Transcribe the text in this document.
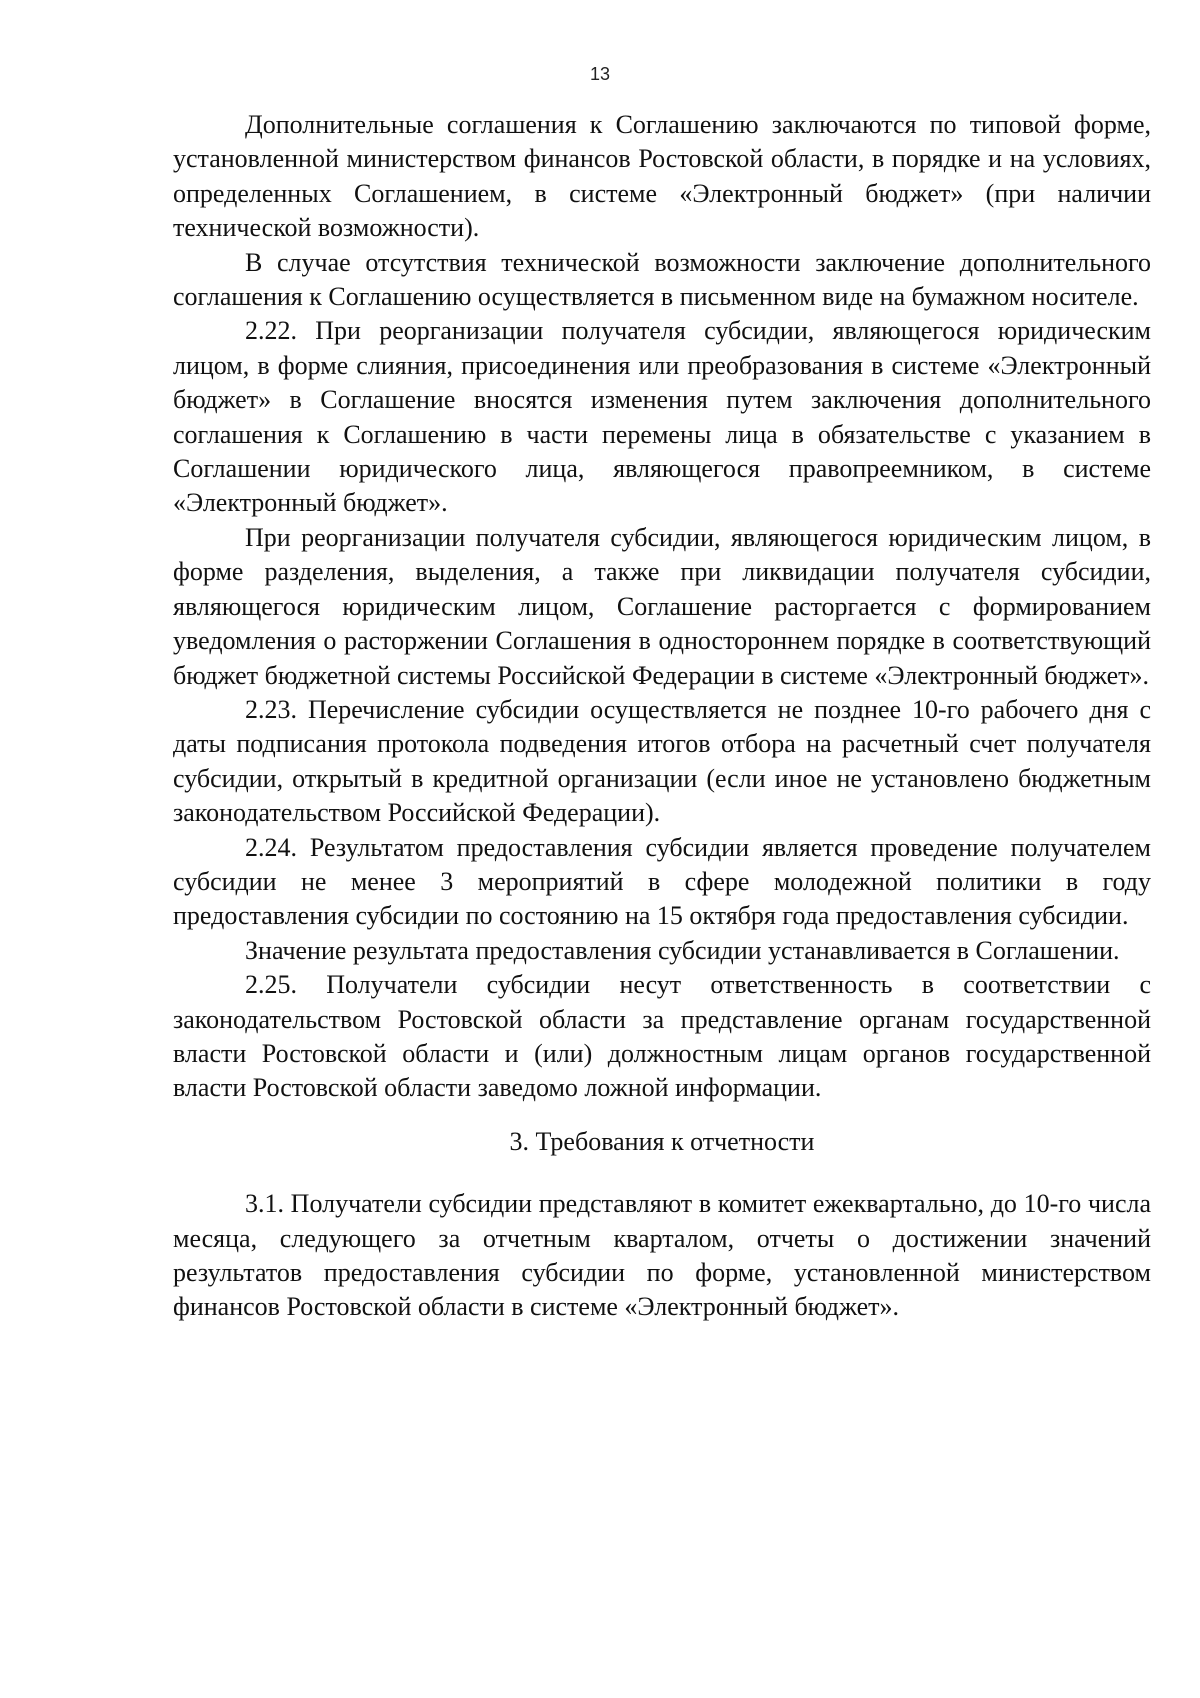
13

Дополнительные соглашения к Соглашению заключаются по типовой форме, установленной министерством финансов Ростовской области, в порядке и на условиях, определенных Соглашением, в системе «Электронный бюджет» (при наличии технической возможности).

В случае отсутствия технической возможности заключение дополнительного соглашения к Соглашению осуществляется в письменном виде на бумажном носителе.

2.22. При реорганизации получателя субсидии, являющегося юридическим лицом, в форме слияния, присоединения или преобразования в системе «Электронный бюджет» в Соглашение вносятся изменения путем заключения дополнительного соглашения к Соглашению в части перемены лица в обязательстве с указанием в Соглашении юридического лица, являющегося правопреемником, в системе «Электронный бюджет».

При реорганизации получателя субсидии, являющегося юридическим лицом, в форме разделения, выделения, а также при ликвидации получателя субсидии, являющегося юридическим лицом, Соглашение расторгается с формированием уведомления о расторжении Соглашения в одностороннем порядке в соответствующий бюджет бюджетной системы Российской Федерации в системе «Электронный бюджет».

2.23. Перечисление субсидии осуществляется не позднее 10-го рабочего дня с даты подписания протокола подведения итогов отбора на расчетный счет получателя субсидии, открытый в кредитной организации (если иное не установлено бюджетным законодательством Российской Федерации).

2.24. Результатом предоставления субсидии является проведение получателем субсидии не менее 3 мероприятий в сфере молодежной политики в году предоставления субсидии по состоянию на 15 октября года предоставления субсидии.

Значение результата предоставления субсидии устанавливается в Соглашении.

2.25. Получатели субсидии несут ответственность в соответствии с законодательством Ростовской области за представление органам государственной власти Ростовской области и (или) должностным лицам органов государственной власти Ростовской области заведомо ложной информации.

3. Требования к отчетности

3.1. Получатели субсидии представляют в комитет ежеквартально, до 10-го числа месяца, следующего за отчетным кварталом, отчеты о достижении значений результатов предоставления субсидии по форме, установленной министерством финансов Ростовской области в системе «Электронный бюджет».
